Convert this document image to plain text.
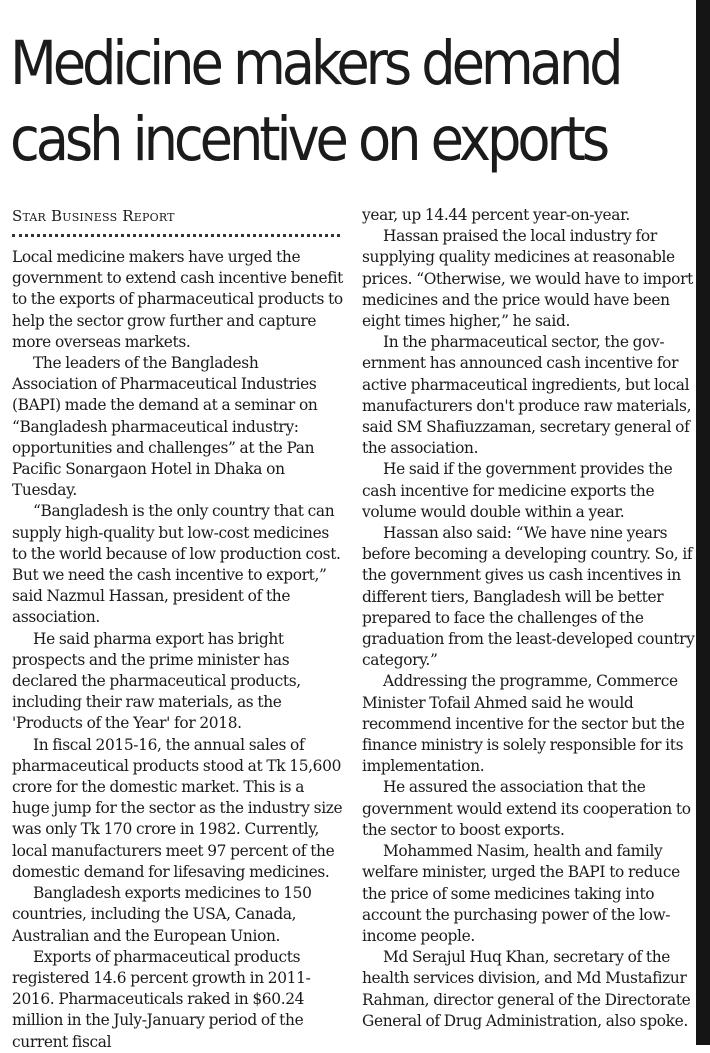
Medicine makers demand
cash incentive on exports
Star Business Report

Local medicine makers have urged the government to extend cash incentive benefit to the exports of pharmaceutical products to help the sector grow further and capture more overseas markets.

The leaders of the Bangladesh Association of Pharmaceutical Industries (BAPI) made the demand at a seminar on “Bangladesh pharmaceutical industry: opportunities and challenges” at the Pan Pacific Sonargaon Hotel in Dhaka on Tuesday.

“Bangladesh is the only country that can supply high-quality but low-cost medicines to the world because of low production cost. But we need the cash incentive to export,” said Nazmul Hassan, president of the association.

He said pharma export has bright prospects and the prime minister has declared the pharmaceutical products, including their raw materials, as the 'Products of the Year' for 2018.

In fiscal 2015-16, the annual sales of pharmaceutical products stood at Tk 15,600 crore for the domestic market. This is a huge jump for the sector as the industry size was only Tk 170 crore in 1982. Currently, local manufacturers meet 97 percent of the domestic demand for lifesaving medicines.

Bangladesh exports medicines to 150 countries, including the USA, Canada, Australian and the European Union.

Exports of pharmaceutical products registered 14.6 percent growth in 2011-2016. Pharmaceuticals raked in $60.24 million in the July-January period of the current fiscal

year, up 14.44 percent year-on-year.

Hassan praised the local industry for supplying quality medicines at reasonable prices. “Otherwise, we would have to import medicines and the price would have been eight times higher,” he said.

In the pharmaceutical sector, the government has announced cash incentive for active pharmaceutical ingredients, but local manufacturers don't produce raw materials, said SM Shafiuzzaman, secretary general of the association.

He said if the government provides the cash incentive for medicine exports the volume would double within a year.

Hassan also said: “We have nine years before becoming a developing country. So, if the government gives us cash incentives in different tiers, Bangladesh will be better prepared to face the challenges of the graduation from the least-developed country category.”

Addressing the programme, Commerce Minister Tofail Ahmed said he would recommend incentive for the sector but the finance ministry is solely responsible for its implementation.

He assured the association that the government would extend its cooperation to the sector to boost exports.

Mohammed Nasim, health and family welfare minister, urged the BAPI to reduce the price of some medicines taking into account the purchasing power of the low-income people.

Md Serajul Huq Khan, secretary of the health services division, and Md Mustafizur Rahman, director general of the Directorate General of Drug Administration, also spoke.
